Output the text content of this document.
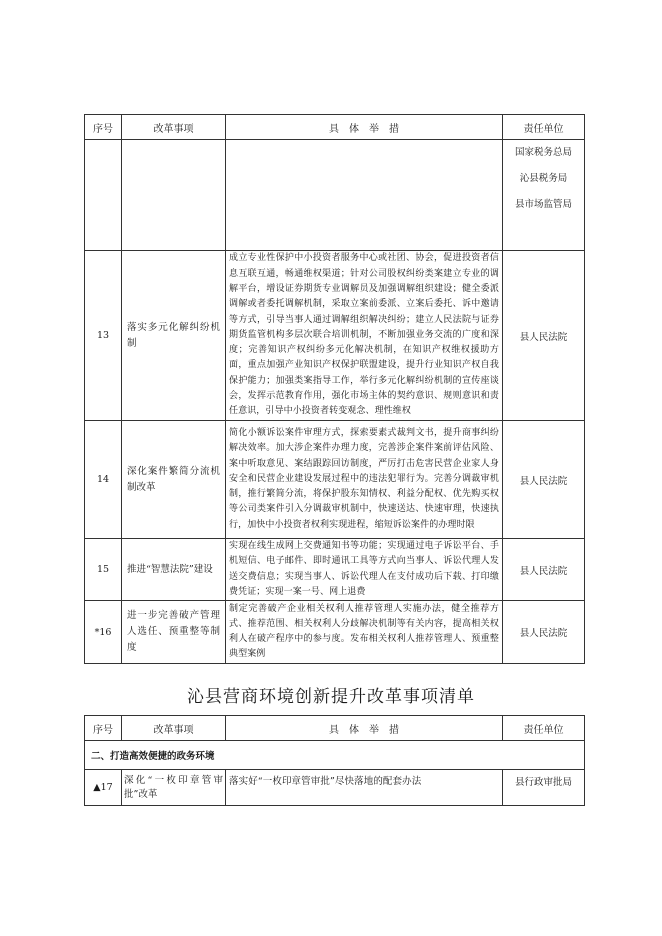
序号	改革事项	具　体　举　措	责任单位

			国家税务总局
沁县税务局
县市场监管局

13	落实多元化解纠纷机制	成立专业性保护中小投资者服务中心或社团、协会，促进投资者信息互联互通，畅通维权渠道；针对公司股权纠纷类案建立专业的调解平台，增设证券期货专业调解员及加强调解组织建设；健全委派调解或者委托调解机制，采取立案前委派、立案后委托、诉中邀请等方式，引导当事人通过调解组织解决纠纷；建立人民法院与证券期货监管机构多层次联合培训机制，不断加强业务交流的广度和深度；完善知识产权纠纷多元化解决机制，在知识产权维权援助方面，重点加强产业知识产权保护联盟建设，提升行业知识产权自我保护能力；加强类案指导工作，举行多元化解纠纷机制的宣传座谈会，发挥示范教育作用，强化市场主体的契约意识、规则意识和责任意识，引导中小投资者转变观念、理性维权	县人民法院
14	深化案件繁简分流机制改革	简化小额诉讼案件审理方式，探索要素式裁判文书，提升商事纠纷解决效率。加大涉企案件办理力度，完善涉企案件案前评估风险、案中听取意见、案结跟踪回访制度，严厉打击危害民营企业家人身安全和民营企业建设发展过程中的违法犯罪行为。完善分调裁审机制，推行繁简分流，将保护股东知情权、利益分配权、优先购买权等公司类案件引入分调裁审机制中，快速送达、快速审理，快速执行，加快中小投资者权利实现进程，缩短诉讼案件的办理时限	县人民法院
15	推进“智慧法院”建设	实现在线生成网上交费通知书等功能；实现通过电子诉讼平台、手机短信、电子邮件、即时通讯工具等方式向当事人、诉讼代理人发送交费信息；实现当事人、诉讼代理人在支付成功后下载、打印缴费凭证；实现一案一号、网上退费	县人民法院
*16	进一步完善破产管理人选任、预重整等制度	制定完善破产企业相关权利人推荐管理人实施办法，健全推荐方式、推荐范围、相关权利人分歧解决机制等有关内容，提高相关权利人在破产程序中的参与度。发布相关权利人推荐管理人、预重整典型案例	县人民法院
沁县营商环境创新提升改革事项清单
序号	改革事项	具　体　举　措	责任单位
二、打造高效便捷的政务环境			
▲17	深化“一枚印章管审批”改革	落实好“一枚印章管审批”尽快落地的配套办法	县行政审批局
